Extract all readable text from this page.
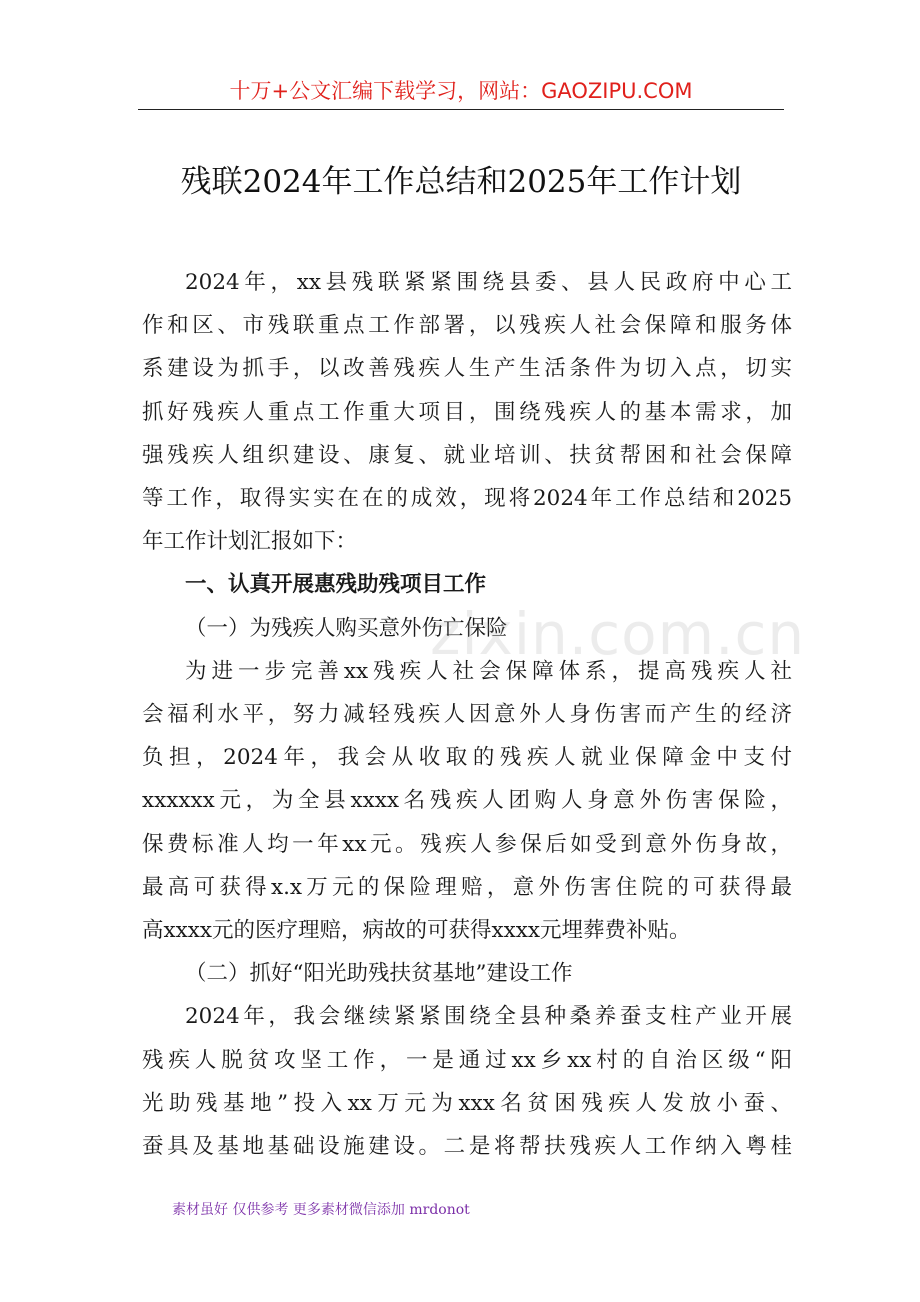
十万+公文汇编下载学习，网站：GAOZIPU.COM
残联2024年工作总结和2025年工作计划

2024年，xx县残联紧紧围绕县委、县人民政府中心工
作和区、市残联重点工作部署，以残疾人社会保障和服务体
系建设为抓手，以改善残疾人生产生活条件为切入点，切实
抓好残疾人重点工作重大项目，围绕残疾人的基本需求，加
强残疾人组织建设、康复、就业培训、扶贫帮困和社会保障
等工作，取得实实在在的成效，现将2024年工作总结和2025
年工作计划汇报如下：

一、认真开展惠残助残项目工作

（一）为残疾人购买意外伤亡保险

为进一步完善xx残疾人社会保障体系，提高残疾人社
会福利水平，努力减轻残疾人因意外人身伤害而产生的经济
负担，2024年，我会从收取的残疾人就业保障金中支付
xxxxxx元，为全县xxxx名残疾人团购人身意外伤害保险，
保费标准人均一年xx元。残疾人参保后如受到意外伤身故，
最高可获得x.x万元的保险理赔，意外伤害住院的可获得最
高xxxx元的医疗理赔，病故的可获得xxxx元埋葬费补贴。

（二）抓好“阳光助残扶贫基地”建设工作

2024年，我会继续紧紧围绕全县种桑养蚕支柱产业开展
残疾人脱贫攻坚工作，一是通过xx乡xx村的自治区级“阳
光助残基地”投入xx万元为xxx名贫困残疾人发放小蚕、
蚕具及基地基础设施建设。二是将帮扶残疾人工作纳入粤桂

zixin.com.cn
素材虽好 仅供参考 更多素材微信添加 mrdonot
